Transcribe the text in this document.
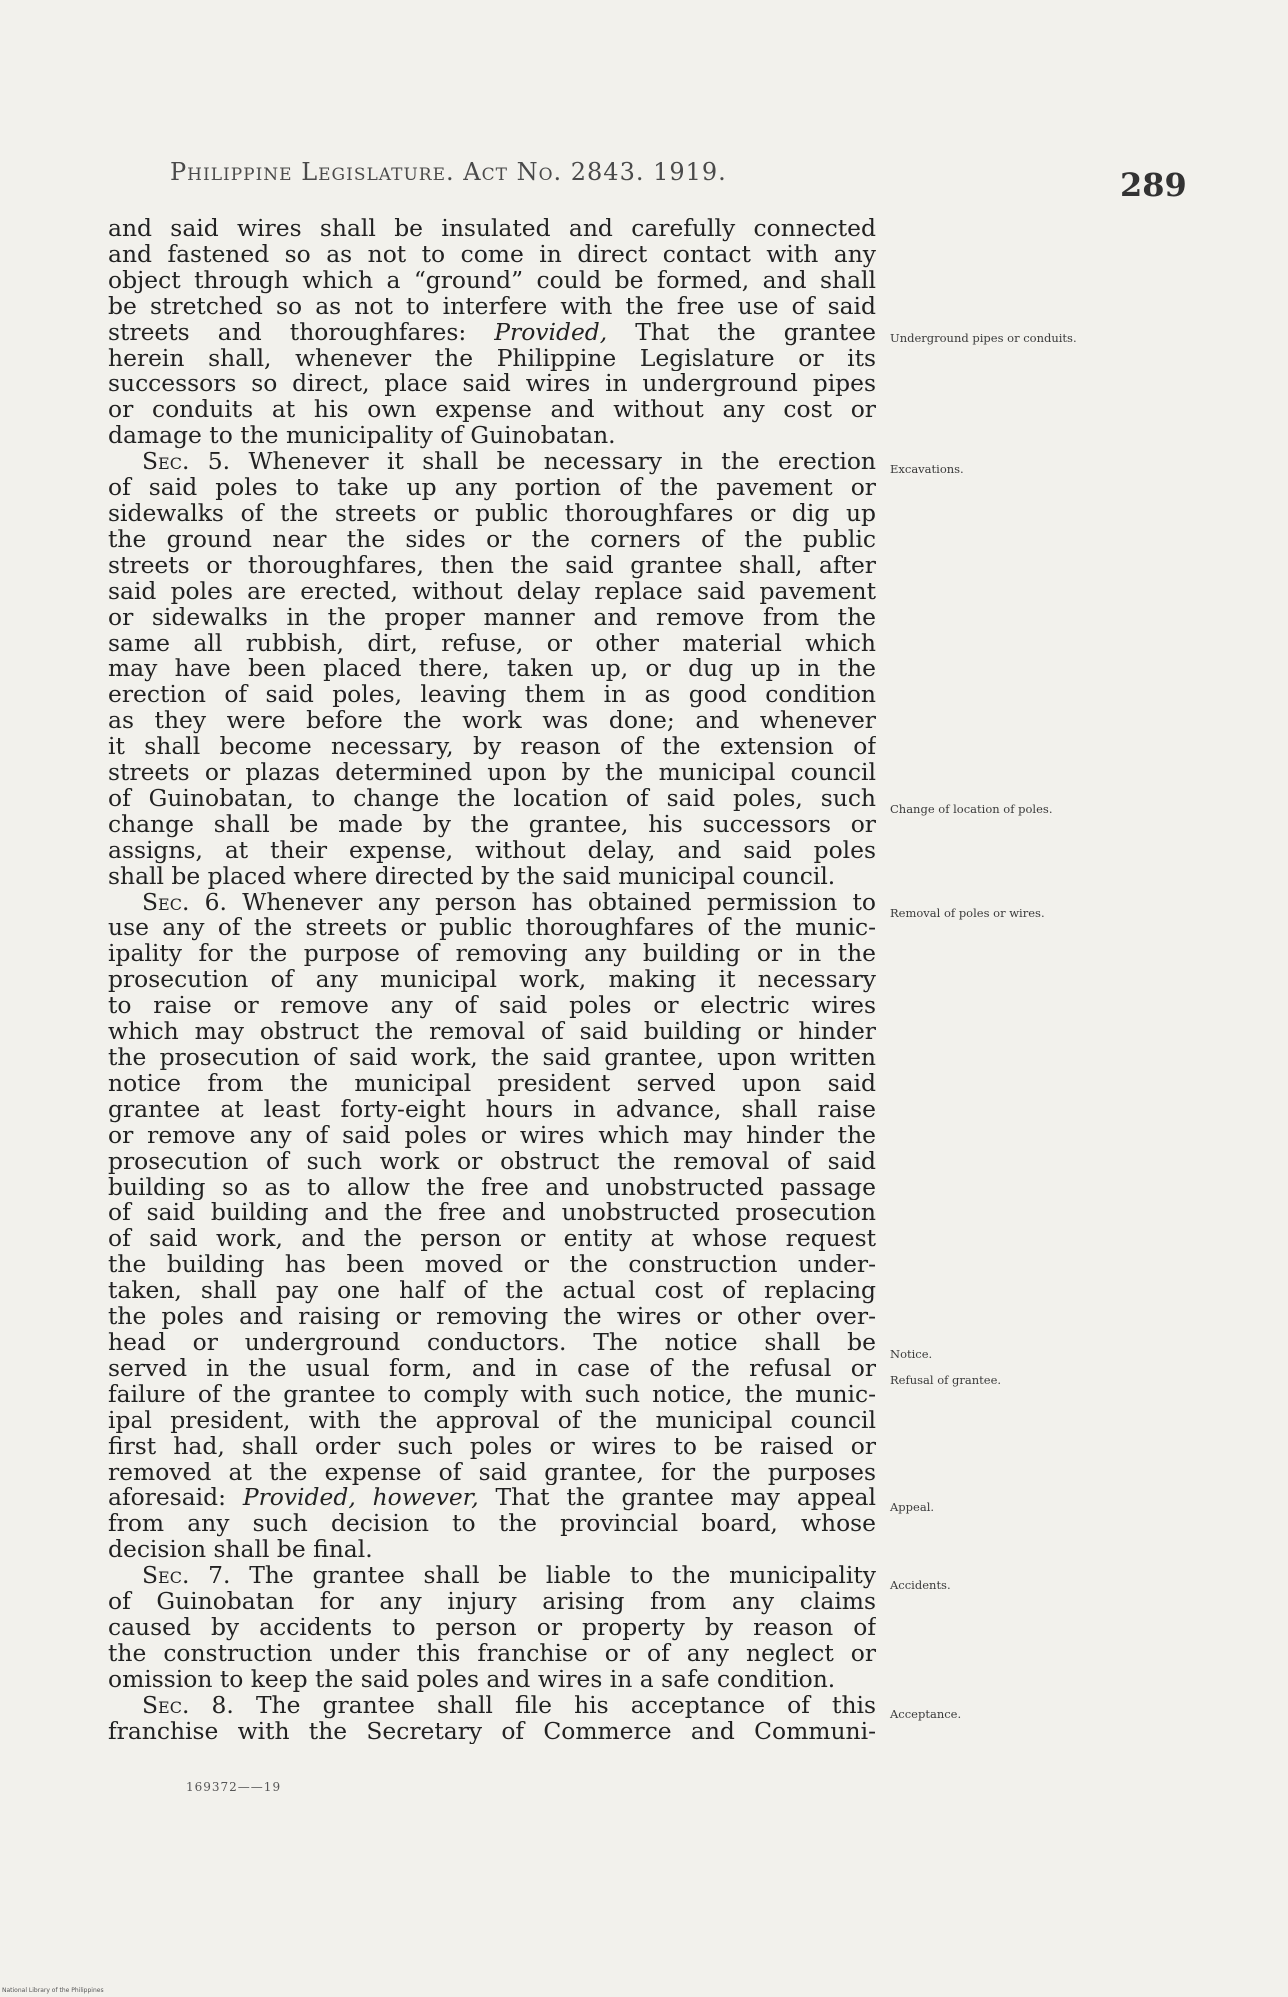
Philippine Legislature. Act No. 2843. 1919.	289
and said wires shall be insulated and carefully connected
and fastened so as not to come in direct contact with any
object through which a “ground” could be formed, and shall
be stretched so as not to interfere with the free use of said
streets and thoroughfares: Provided, That the grantee
herein shall, whenever the Philippine Legislature or its
successors so direct, place said wires in underground pipes
or conduits at his own expense and without any cost or
damage to the municipality of Guinobatan.
Sec. 5. Whenever it shall be necessary in the erection
of said poles to take up any portion of the pavement or
sidewalks of the streets or public thoroughfares or dig up
the ground near the sides or the corners of the public
streets or thoroughfares, then the said grantee shall, after
said poles are erected, without delay replace said pavement
or sidewalks in the proper manner and remove from the
same all rubbish, dirt, refuse, or other material which
may have been placed there, taken up, or dug up in the
erection of said poles, leaving them in as good condition
as they were before the work was done; and whenever
it shall become necessary, by reason of the extension of
streets or plazas determined upon by the municipal council
of Guinobatan, to change the location of said poles, such
change shall be made by the grantee, his successors or
assigns, at their expense, without delay, and said poles
shall be placed where directed by the said municipal council.
Sec. 6. Whenever any person has obtained permission to
use any of the streets or public thoroughfares of the munic-
ipality for the purpose of removing any building or in the
prosecution of any municipal work, making it necessary
to raise or remove any of said poles or electric wires
which may obstruct the removal of said building or hinder
the prosecution of said work, the said grantee, upon written
notice from the municipal president served upon said
grantee at least forty-eight hours in advance, shall raise
or remove any of said poles or wires which may hinder the
prosecution of such work or obstruct the removal of said
building so as to allow the free and unobstructed passage
of said building and the free and unobstructed prosecution
of said work, and the person or entity at whose request
the building has been moved or the construction under-
taken, shall pay one half of the actual cost of replacing
the poles and raising or removing the wires or other over-
head or underground conductors. The notice shall be
served in the usual form, and in case of the refusal or
failure of the grantee to comply with such notice, the munic-
ipal president, with the approval of the municipal council
first had, shall order such poles or wires to be raised or
removed at the expense of said grantee, for the purposes
aforesaid: Provided, however, That the grantee may appeal
from any such decision to the provincial board, whose
decision shall be final.
Sec. 7. The grantee shall be liable to the municipality
of Guinobatan for any injury arising from any claims
caused by accidents to person or property by reason of
the construction under this franchise or of any neglect or
omission to keep the said poles and wires in a safe condition.
Sec. 8. The grantee shall file his acceptance of this
franchise with the Secretary of Commerce and Communi-
Underground pipes or conduits.
Excavations.
Change of location of poles.
Removal of poles or wires.
Notice.
Refusal of grantee.
Appeal.
Accidents.
Acceptance.
169372——19
National Library of the Philippines
